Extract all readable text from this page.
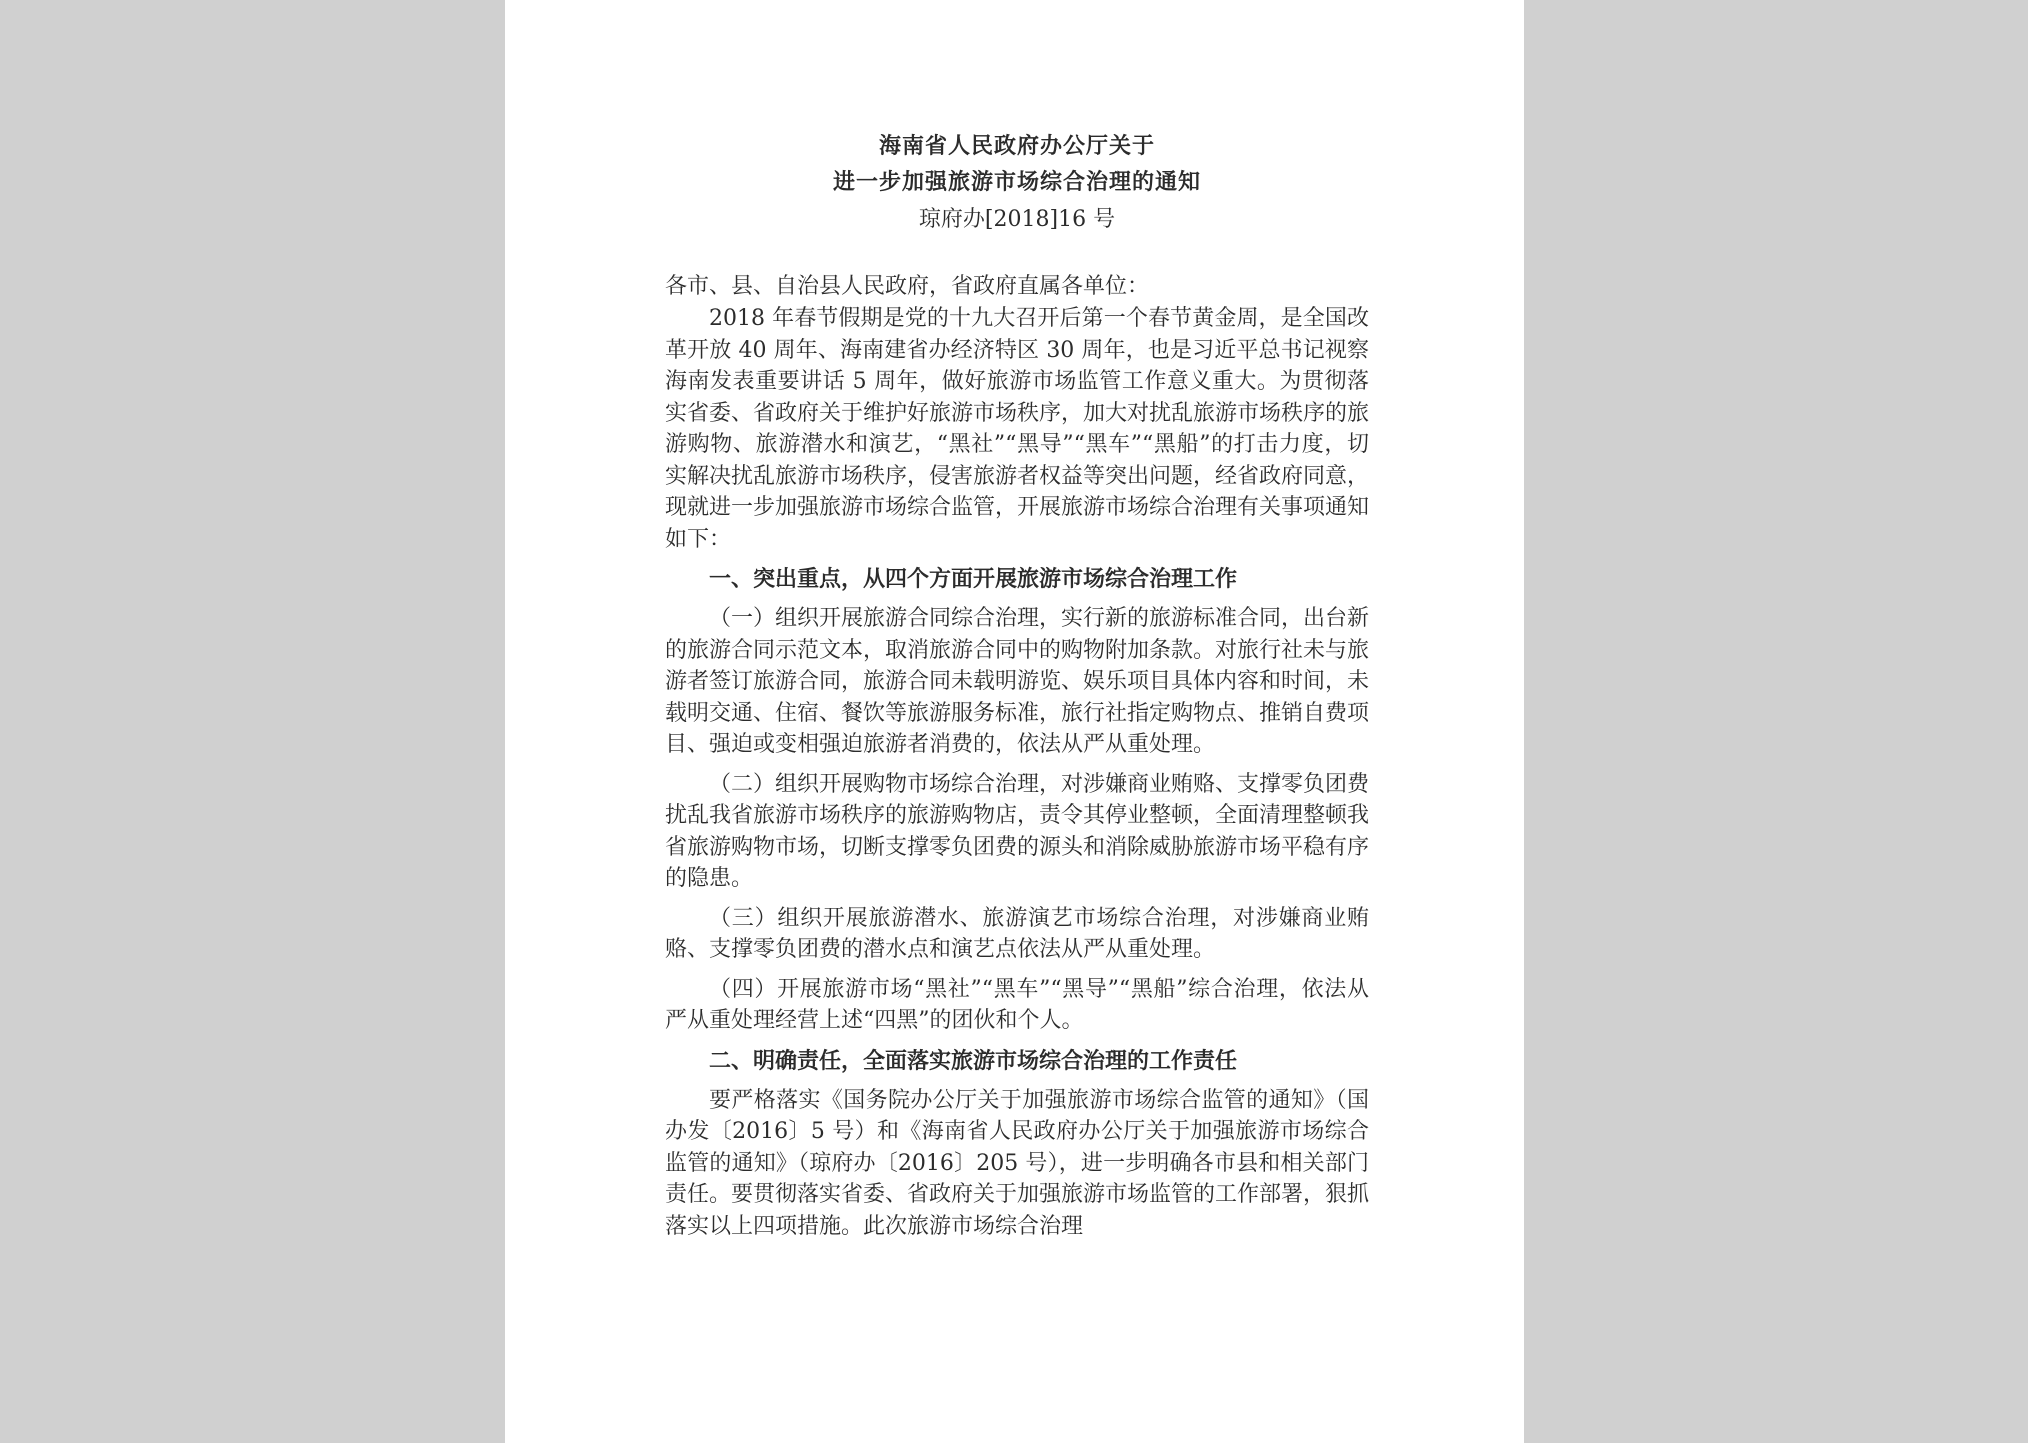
海南省人民政府办公厅关于
进一步加强旅游市场综合治理的通知
琼府办[2018]16 号
各市、县、自治县人民政府，省政府直属各单位：

2018 年春节假期是党的十九大召开后第一个春节黄金周，是全国改革开放 40 周年、海南建省办经济特区 30 周年，也是习近平总书记视察海南发表重要讲话 5 周年，做好旅游市场监管工作意义重大。为贯彻落实省委、省政府关于维护好旅游市场秩序，加大对扰乱旅游市场秩序的旅游购物、旅游潜水和演艺，“黑社”“黑导”“黑车”“黑船”的打击力度，切实解决扰乱旅游市场秩序，侵害旅游者权益等突出问题，经省政府同意，现就进一步加强旅游市场综合监管，开展旅游市场综合治理有关事项通知如下：

一、突出重点，从四个方面开展旅游市场综合治理工作

（一）组织开展旅游合同综合治理，实行新的旅游标准合同，出台新的旅游合同示范文本，取消旅游合同中的购物附加条款。对旅行社未与旅游者签订旅游合同，旅游合同未载明游览、娱乐项目具体内容和时间，未载明交通、住宿、餐饮等旅游服务标准，旅行社指定购物点、推销自费项目、强迫或变相强迫旅游者消费的，依法从严从重处理。

（二）组织开展购物市场综合治理，对涉嫌商业贿赂、支撑零负团费扰乱我省旅游市场秩序的旅游购物店，责令其停业整顿，全面清理整顿我省旅游购物市场，切断支撑零负团费的源头和消除威胁旅游市场平稳有序的隐患。

（三）组织开展旅游潜水、旅游演艺市场综合治理，对涉嫌商业贿赂、支撑零负团费的潜水点和演艺点依法从严从重处理。

（四）开展旅游市场“黑社”“黑车”“黑导”“黑船”综合治理，依法从严从重处理经营上述“四黑”的团伙和个人。

二、明确责任，全面落实旅游市场综合治理的工作责任

要严格落实《国务院办公厅关于加强旅游市场综合监管的通知》（国办发〔2016〕5 号）和《海南省人民政府办公厅关于加强旅游市场综合监管的通知》（琼府办〔2016〕205 号），进一步明确各市县和相关部门责任。要贯彻落实省委、省政府关于加强旅游市场监管的工作部署，狠抓落实以上四项措施。此次旅游市场综合治理
